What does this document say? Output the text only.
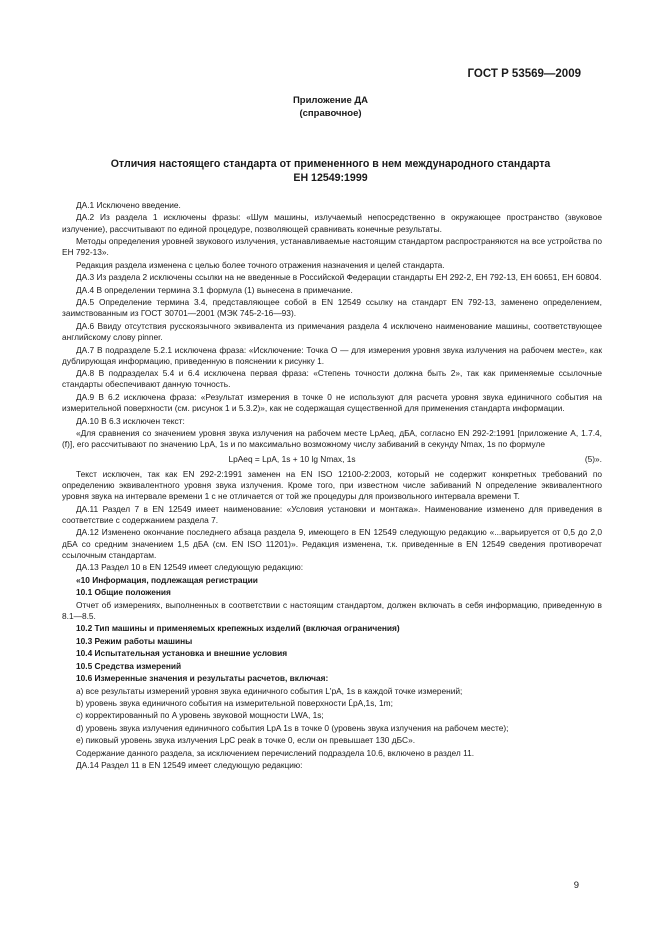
ГОСТ Р 53569—2009
Приложение ДА
(справочное)
Отличия настоящего стандарта от примененного в нем международного стандарта
ЕН 12549:1999
ДА.1 Исключено введение.
ДА.2 Из раздела 1 исключены фразы: «Шум машины, излучаемый непосредственно в окружающее пространство (звуковое излучение), рассчитывают по единой процедуре, позволяющей сравнивать конечные результаты.
Методы определения уровней звукового излучения, устанавливаемые настоящим стандартом распространяются на все устройства по ЕН 792-13».
Редакция раздела изменена с целью более точного отражения назначения и целей стандарта.
ДА.3 Из раздела 2 исключены ссылки на не введенные в Российской Федерации стандарты ЕН 292-2, ЕН 792-13, ЕН 60651, ЕН 60804.
ДА.4 В определении термина 3.1 формула (1) вынесена в примечание.
ДА.5 Определение термина 3.4, представляющее собой в EN 12549 ссылку на стандарт EN 792-13, заменено определением, заимствованным из ГОСТ 30701—2001 (МЭК 745-2-16—93).
ДА.6 Ввиду отсутствия русскоязычного эквивалента из примечания раздела 4 исключено наименование машины, соответствующее английскому слову pinner.
ДА.7 В подразделе 5.2.1 исключена фраза: «Исключение: Точка О — для измерения уровня звука излучения на рабочем месте», как дублирующая информацию, приведенную в пояснении к рисунку 1.
ДА.8 В подразделах 5.4 и 6.4 исключена первая фраза: «Степень точности должна быть 2», так как применяемые ссылочные стандарты обеспечивают данную точность.
ДА.9 В 6.2 исключена фраза: «Результат измерения в точке 0 не используют для расчета уровня звука единичного события на измерительной поверхности (см. рисунок 1 и 5.3.2)», как не содержащая существенной для применения стандарта информации.
ДА.10 В 6.3 исключен текст:
«Для сравнения со значением уровня звука излучения на рабочем месте LpAeq, дБА, согласно EN 292-2:1991 [приложение А, 1.7.4, (f)], его рассчитывают по значению LpA, 1s и по максимально возможному числу забиваний в секунду Nmax, 1s по формуле
LpAeq = LpA, 1s + 10 lg Nmax, 1s	(5)».
Текст исключен, так как EN 292-2:1991 заменен на EN ISO 12100-2:2003, который не содержит конкретных требований по определению эквивалентного уровня звука излучения. Кроме того, при известном числе забиваний N определение эквивалентного уровня звука на интервале времени 1 с не отличается от той же процедуры для произвольного интервала времени T.
ДА.11 Раздел 7 в EN 12549 имеет наименование: «Условия установки и монтажа». Наименование изменено для приведения в соответствие с содержанием раздела 7.
ДА.12 Изменено окончание последнего абзаца раздела 9, имеющего в EN 12549 следующую редакцию «...варьируется от 0,5 до 2,0 дБА со средним значением 1,5 дБА (см. EN ISO 11201)». Редакция изменена, т.к. приведенные в EN 12549 сведения противоречат ссылочным стандартам.
ДА.13 Раздел 10 в EN 12549 имеет следующую редакцию:
«10 Информация, подлежащая регистрации
10.1 Общие положения
Отчет об измерениях, выполненных в соответствии с настоящим стандартом, должен включать в себя информацию, приведенную в 8.1—8.5.
10.2 Тип машины и применяемых крепежных изделий (включая ограничения)
10.3 Режим работы машины
10.4 Испытательная установка и внешние условия
10.5 Средства измерений
10.6 Измеренные значения и результаты расчетов, включая:
a) все результаты измерений уровня звука единичного события L'pA, 1s в каждой точке измерений;
b) уровень звука единичного события на измерительной поверхности L̄pA,1s, 1m;
c) корректированный по A уровень звуковой мощности LWA, 1s;
d) уровень звука излучения единичного события LpA 1s в точке 0 (уровень звука излучения на рабочем месте);
e) пиковый уровень звука излучения LpC peak в точке 0, если он превышает 130 дБC».
Содержание данного раздела, за исключением перечислений подраздела 10.6, включено в раздел 11.
ДА.14 Раздел 11 в EN 12549 имеет следующую редакцию:
9
